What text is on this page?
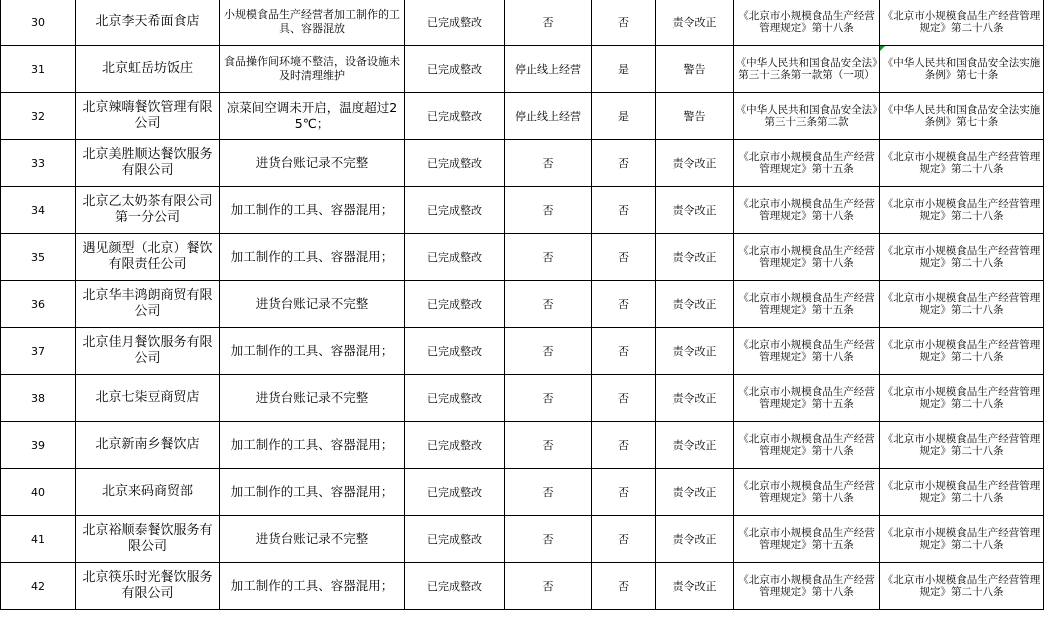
30	北京李天希面食店	小规模食品生产经营者加工制作的工具、容器混放	已完成整改	否	否	责令改正	《北京市小规模食品生产经营管理规定》第十八条	《北京市小规模食品生产经营管理规定》第二十八条
31	北京虹岳坊饭庄	食品操作间环境不整洁，设备设施未及时清理维护	已完成整改	停止线上经营	是	警告	《中华人民共和国食品安全法》第三十三条第一款第（一项）	《中华人民共和国食品安全法实施条例》第七十条
32	北京辣嗨餐饮管理有限公司	凉菜间空调未开启，温度超过25℃；	已完成整改	停止线上经营	是	警告	《中华人民共和国食品安全法》第三十三条第二款	《中华人民共和国食品安全法实施条例》第七十条
33	北京美胜顺达餐饮服务有限公司	进货台账记录不完整	已完成整改	否	否	责令改正	《北京市小规模食品生产经营管理规定》第十五条	《北京市小规模食品生产经营管理规定》第二十八条
34	北京乙太奶茶有限公司第一分公司	加工制作的工具、容器混用；	已完成整改	否	否	责令改正	《北京市小规模食品生产经营管理规定》第十八条	《北京市小规模食品生产经营管理规定》第二十八条
35	遇见颜型（北京）餐饮有限责任公司	加工制作的工具、容器混用；	已完成整改	否	否	责令改正	《北京市小规模食品生产经营管理规定》第十八条	《北京市小规模食品生产经营管理规定》第二十八条
36	北京华丰鸿朗商贸有限公司	进货台账记录不完整	已完成整改	否	否	责令改正	《北京市小规模食品生产经营管理规定》第十五条	《北京市小规模食品生产经营管理规定》第二十八条
37	北京佳月餐饮服务有限公司	加工制作的工具、容器混用；	已完成整改	否	否	责令改正	《北京市小规模食品生产经营管理规定》第十八条	《北京市小规模食品生产经营管理规定》第二十八条
38	北京七柒豆商贸店	进货台账记录不完整	已完成整改	否	否	责令改正	《北京市小规模食品生产经营管理规定》第十五条	《北京市小规模食品生产经营管理规定》第二十八条
39	北京新南乡餐饮店	加工制作的工具、容器混用；	已完成整改	否	否	责令改正	《北京市小规模食品生产经营管理规定》第十八条	《北京市小规模食品生产经营管理规定》第二十八条
40	北京来码商贸部	加工制作的工具、容器混用；	已完成整改	否	否	责令改正	《北京市小规模食品生产经营管理规定》第十八条	《北京市小规模食品生产经营管理规定》第二十八条
41	北京裕顺泰餐饮服务有限公司	进货台账记录不完整	已完成整改	否	否	责令改正	《北京市小规模食品生产经营管理规定》第十五条	《北京市小规模食品生产经营管理规定》第二十八条
42	北京筷乐时光餐饮服务有限公司	加工制作的工具、容器混用；	已完成整改	否	否	责令改正	《北京市小规模食品生产经营管理规定》第十八条	《北京市小规模食品生产经营管理规定》第二十八条
